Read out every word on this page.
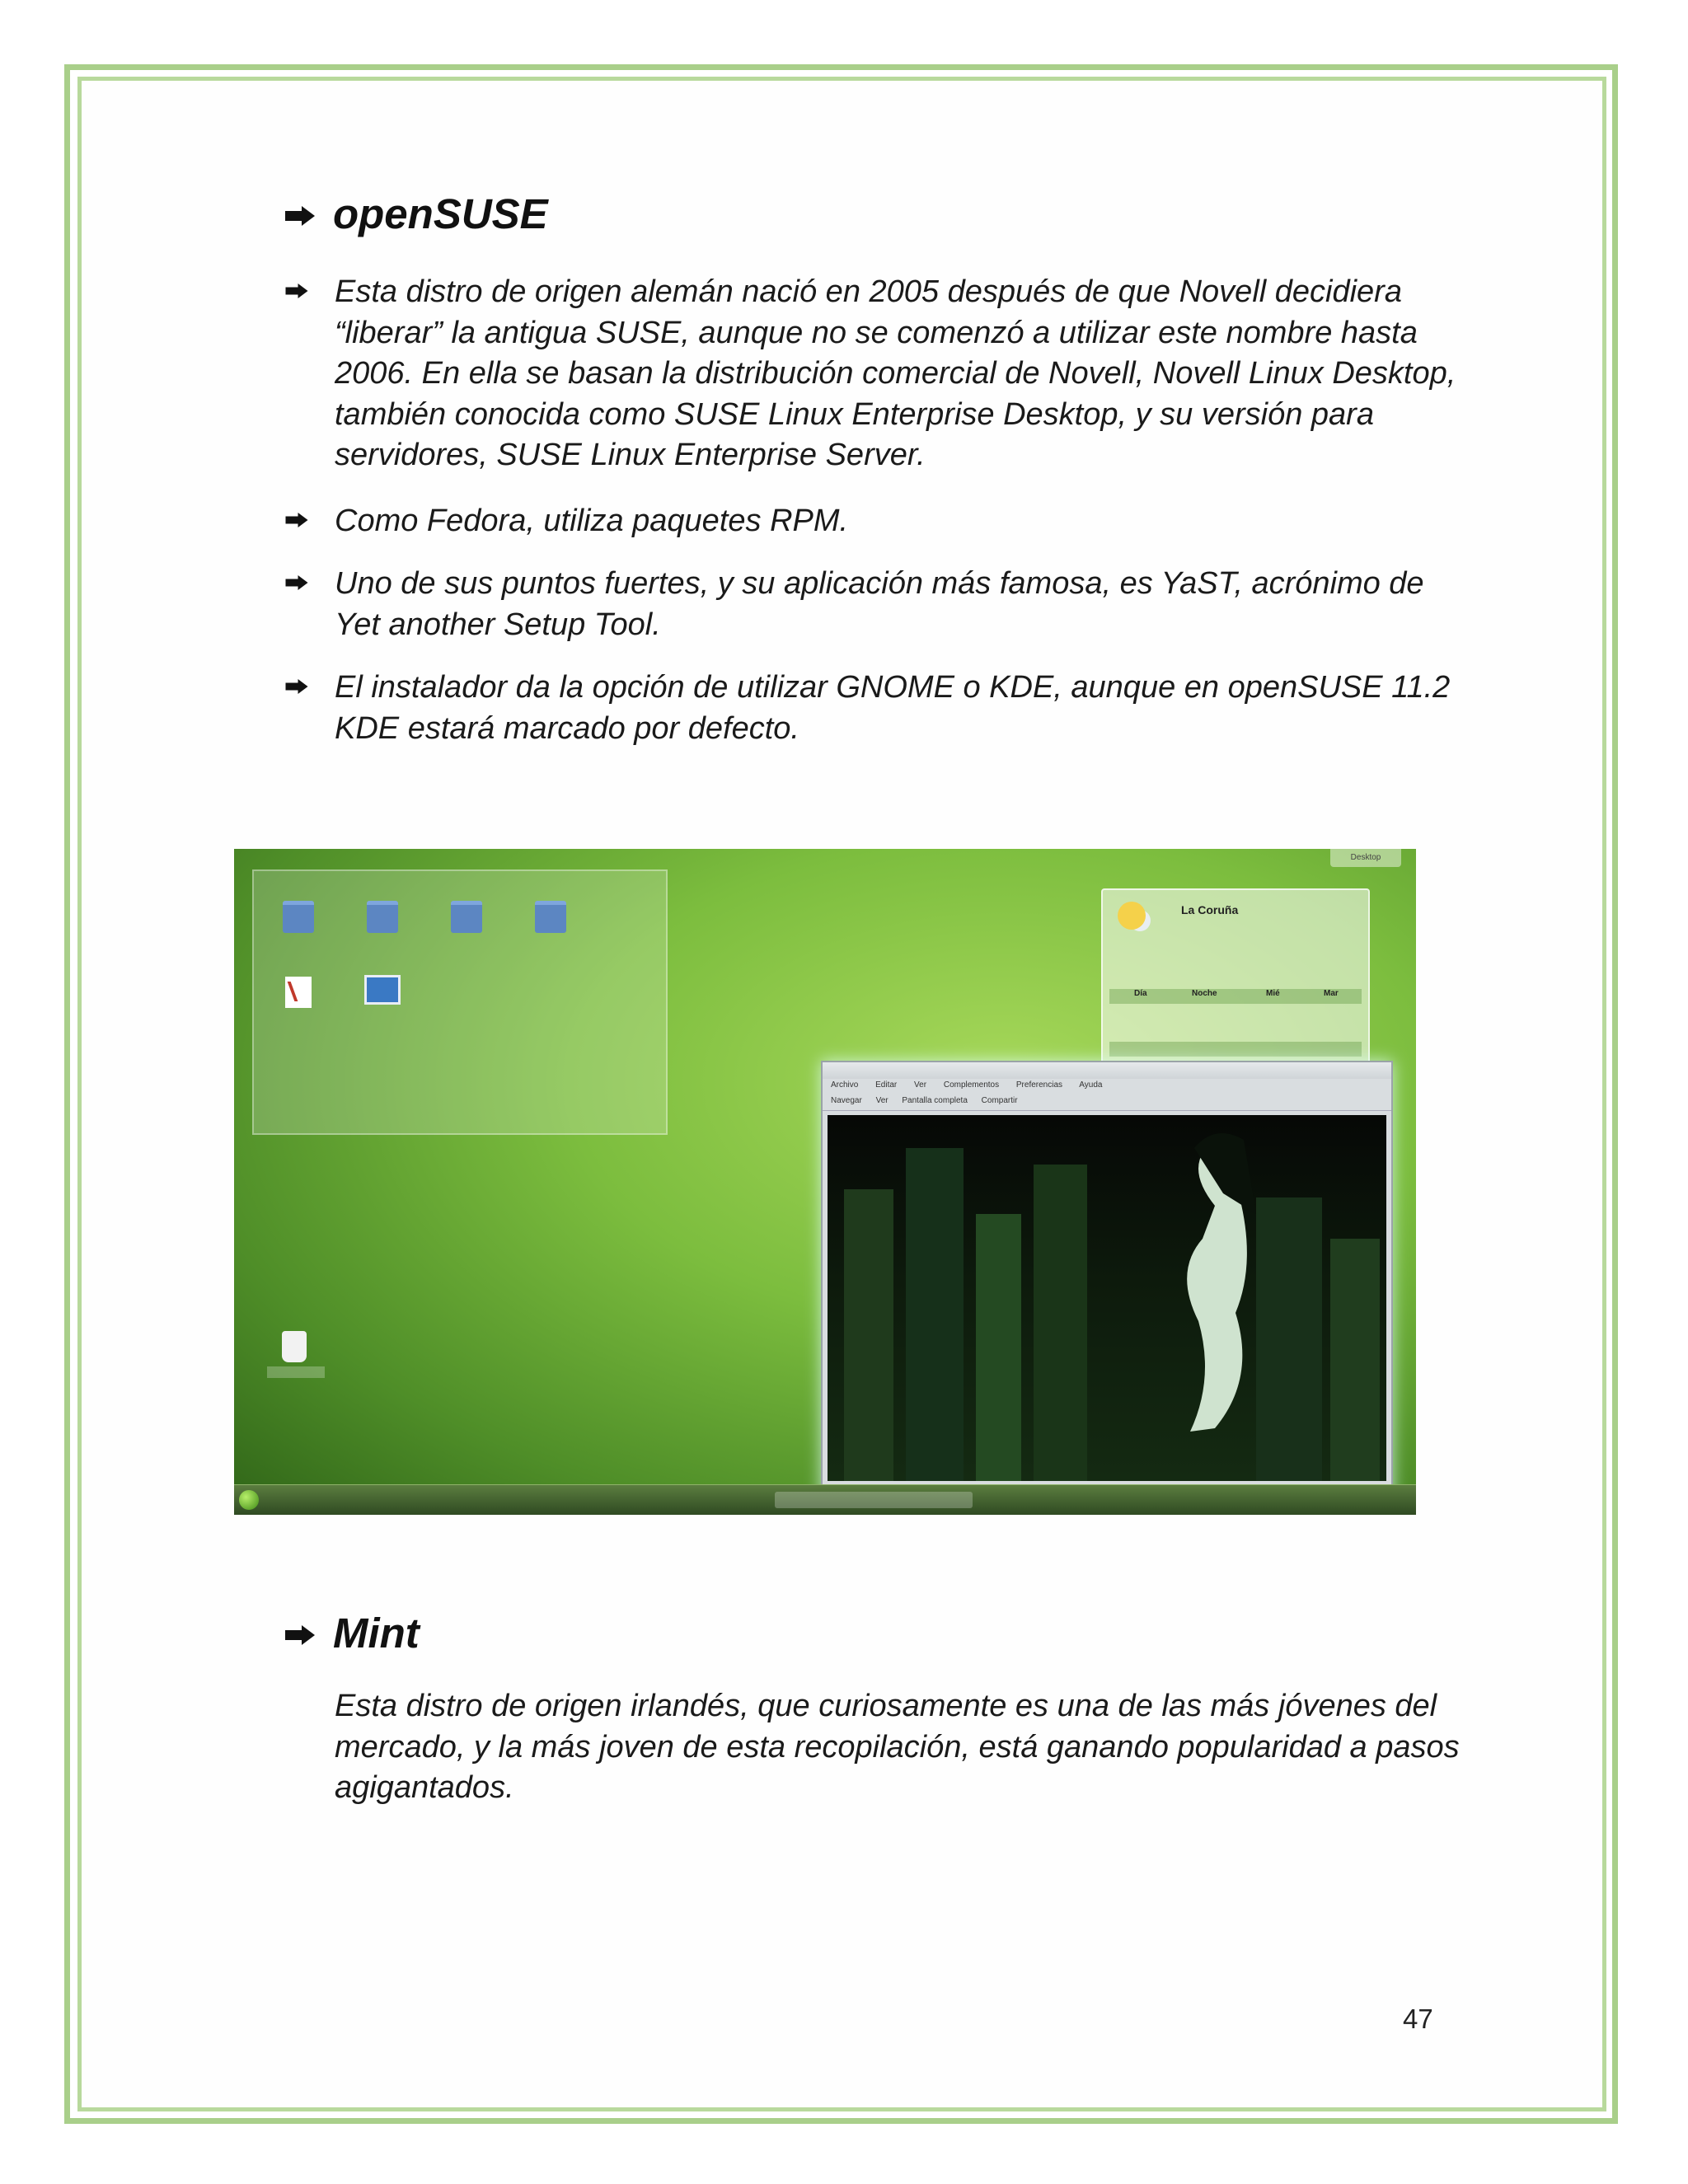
openSUSE
Esta distro de origen alemán nació en 2005 después de que Novell decidiera “liberar” la antigua SUSE, aunque no se comenzó a utilizar este nombre hasta 2006. En ella se basan la distribución comercial de Novell, Novell Linux Desktop, también conocida como SUSE Linux Enterprise Desktop, y su versión para servidores, SUSE Linux Enterprise Server.
Como Fedora, utiliza paquetes RPM.
Uno de sus puntos fuertes, y su aplicación más famosa, es YaST, acrónimo de Yet another Setup Tool.
El instalador da la opción de utilizar GNOME o KDE, aunque en openSUSE 11.2 KDE estará marcado por defecto.
Desktop

La Coruña
Día	Noche	Mié	Mar

Archivo Editar Ver Complementos Preferencias Ayuda
Navegar Ver Pantalla completa Compartir

Mint
Esta distro de origen irlandés, que curiosamente es una de las más jóvenes del mercado, y la más joven de esta recopilación, está ganando popularidad a pasos agigantados.
47
